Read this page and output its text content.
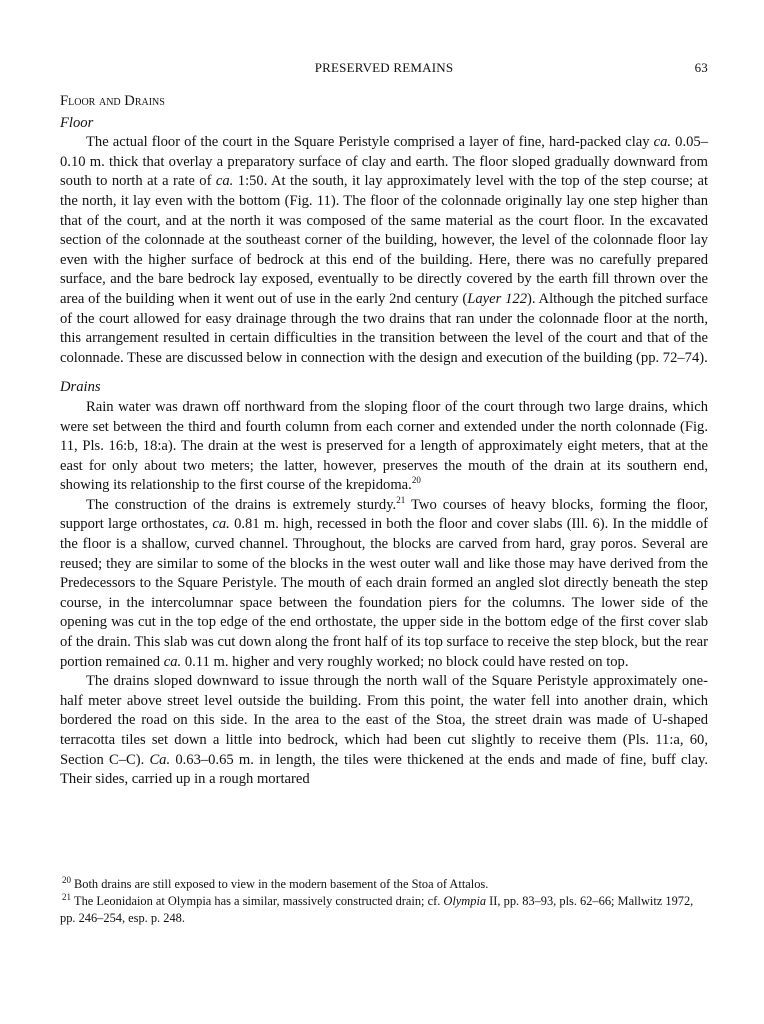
PRESERVED REMAINS	63
Floor and Drains
Floor

The actual floor of the court in the Square Peristyle comprised a layer of fine, hard-packed clay ca. 0.05–0.10 m. thick that overlay a preparatory surface of clay and earth. The floor sloped gradually downward from south to north at a rate of ca. 1:50. At the south, it lay approximately level with the top of the step course; at the north, it lay even with the bottom (Fig. 11). The floor of the colonnade originally lay one step higher than that of the court, and at the north it was composed of the same material as the court floor. In the excavated section of the colonnade at the southeast corner of the building, however, the level of the colonnade floor lay even with the higher surface of bedrock at this end of the building. Here, there was no carefully prepared surface, and the bare bedrock lay exposed, eventually to be directly covered by the earth fill thrown over the area of the building when it went out of use in the early 2nd century (Layer 122). Although the pitched surface of the court allowed for easy drainage through the two drains that ran under the colonnade floor at the north, this arrangement resulted in certain difficulties in the transition between the level of the court and that of the colonnade. These are discussed below in connection with the design and execution of the building (pp. 72–74).

Drains

Rain water was drawn off northward from the sloping floor of the court through two large drains, which were set between the third and fourth column from each corner and extended under the north colonnade (Fig. 11, Pls. 16:b, 18:a). The drain at the west is preserved for a length of approximately eight meters, that at the east for only about two meters; the latter, however, preserves the mouth of the drain at its southern end, showing its relationship to the first course of the krepidoma.$^{20}$

The construction of the drains is extremely sturdy.$^{21}$ Two courses of heavy blocks, forming the floor, support large orthostates, ca. 0.81 m. high, recessed in both the floor and cover slabs (Ill. 6). In the middle of the floor is a shallow, curved channel. Throughout, the blocks are carved from hard, gray poros. Several are reused; they are similar to some of the blocks in the west outer wall and like those may have derived from the Predecessors to the Square Peristyle. The mouth of each drain formed an angled slot directly beneath the step course, in the intercolumnar space between the foundation piers for the columns. The lower side of the opening was cut in the top edge of the end orthostate, the upper side in the bottom edge of the first cover slab of the drain. This slab was cut down along the front half of its top surface to receive the step block, but the rear portion remained ca. 0.11 m. higher and very roughly worked; no block could have rested on top.

The drains sloped downward to issue through the north wall of the Square Peristyle approximately one-half meter above street level outside the building. From this point, the water fell into another drain, which bordered the road on this side. In the area to the east of the Stoa, the street drain was made of U-shaped terracotta tiles set down a little into bedrock, which had been cut slightly to receive them (Pls. 11:a, 60, Section C–C). Ca. 0.63–0.65 m. in length, the tiles were thickened at the ends and made of fine, buff clay. Their sides, carried up in a rough mortared

$^{20}$ Both drains are still exposed to view in the modern basement of the Stoa of Attalos.

$^{21}$ The Leonidaion at Olympia has a similar, massively constructed drain; cf. Olympia II, pp. 83–93, pls. 62–66; Mallwitz 1972, pp. 246–254, esp. p. 248.
